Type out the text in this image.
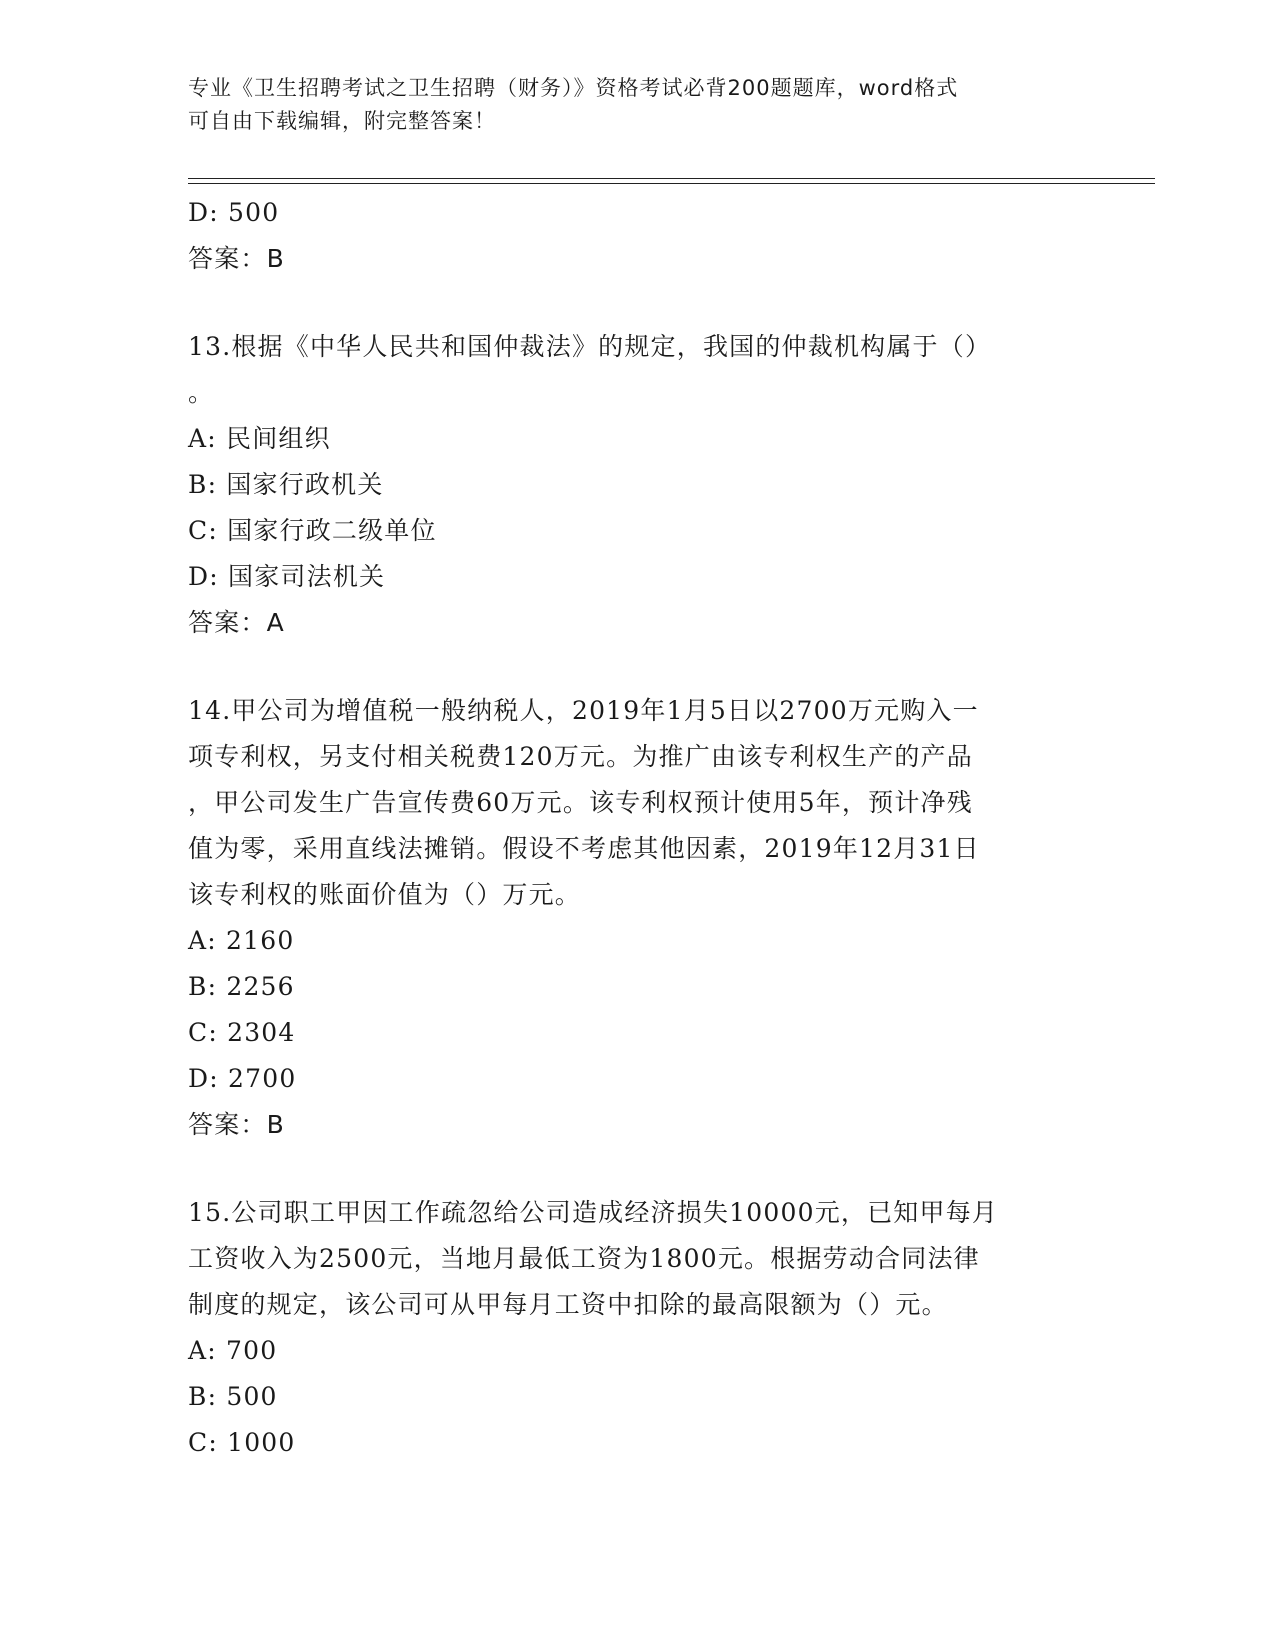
专业《卫生招聘考试之卫生招聘（财务）》资格考试必背200题题库，word格式
可自由下载编辑，附完整答案！
D: 500
答案：B
13.根据《中华人民共和国仲裁法》的规定，我国的仲裁机构属于（）
。
A: 民间组织
B: 国家行政机关
C: 国家行政二级单位
D: 国家司法机关
答案：A
14.甲公司为增值税一般纳税人，2019年1月5日以2700万元购入一
项专利权，另支付相关税费120万元。为推广由该专利权生产的产品
，甲公司发生广告宣传费60万元。该专利权预计使用5年，预计净残
值为零，采用直线法摊销。假设不考虑其他因素，2019年12月31日
该专利权的账面价值为（）万元。
A: 2160
B: 2256
C: 2304
D: 2700
答案：B
15.公司职工甲因工作疏忽给公司造成经济损失10000元，已知甲每月
工资收入为2500元，当地月最低工资为1800元。根据劳动合同法律
制度的规定，该公司可从甲每月工资中扣除的最高限额为（）元。
A: 700
B: 500
C: 1000
